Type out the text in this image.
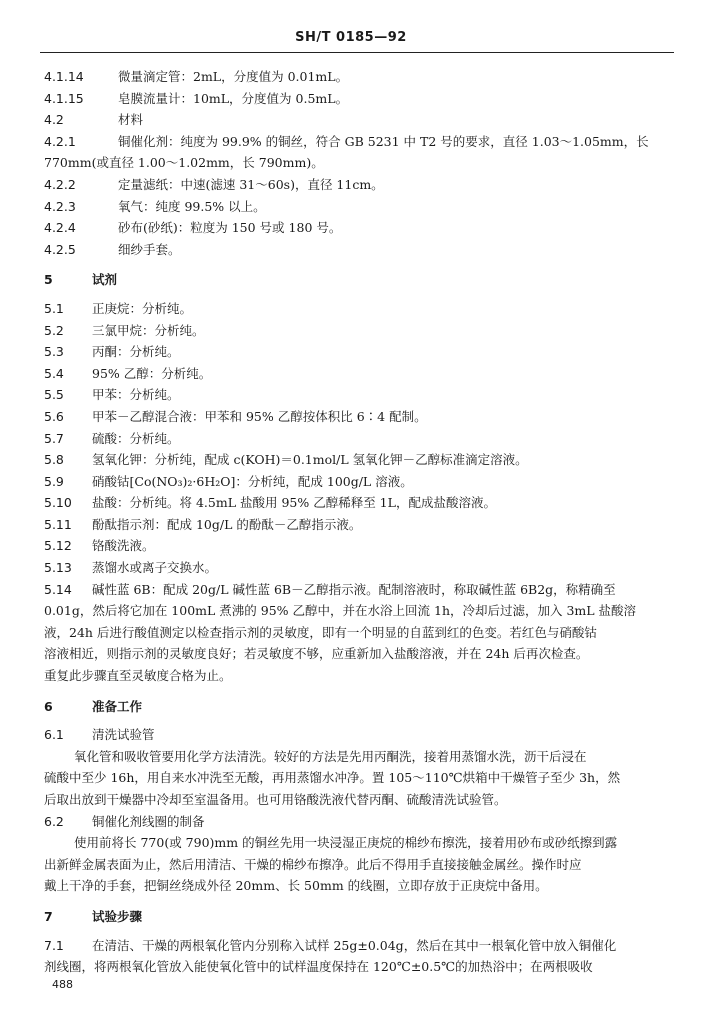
SH/T 0185—92
4.1.14	微量滴定管：2mL，分度值为 0.01mL。
4.1.15	皂膜流量计：10mL，分度值为 0.5mL。
4.2	材料
4.2.1	铜催化剂：纯度为 99.9% 的铜丝，符合 GB 5231 中 T2 号的要求，直径 1.03～1.05mm，长
770mm(或直径 1.00～1.02mm，长 790mm)。
4.2.2	定量滤纸：中速(滤速 31～60s)，直径 11cm。
4.2.3	氧气：纯度 99.5% 以上。
4.2.4	砂布(砂纸)：粒度为 150 号或 180 号。
4.2.5	细纱手套。
5	试剂
5.1	正庚烷：分析纯。
5.2	三氯甲烷：分析纯。
5.3	丙酮：分析纯。
5.4	95% 乙醇：分析纯。
5.5	甲苯：分析纯。
5.6	甲苯－乙醇混合液：甲苯和 95% 乙醇按体积比 6∶4 配制。
5.7	硫酸：分析纯。
5.8	氢氧化钾：分析纯，配成 c(KOH)＝0.1mol/L 氢氧化钾－乙醇标准滴定溶液。
5.9	硝酸钴[Co(NO₃)₂·6H₂O]：分析纯，配成 100g/L 溶液。
5.10	盐酸：分析纯。将 4.5mL 盐酸用 95% 乙醇稀释至 1L，配成盐酸溶液。
5.11	酚酞指示剂：配成 10g/L 的酚酞－乙醇指示液。
5.12	铬酸洗液。
5.13	蒸馏水或离子交换水。
5.14	碱性蓝 6B：配成 20g/L 碱性蓝 6B－乙醇指示液。配制溶液时，称取碱性蓝 6B2g，称精确至
0.01g，然后将它加在 100mL 煮沸的 95% 乙醇中，并在水浴上回流 1h，冷却后过滤，加入 3mL 盐酸溶
液，24h 后进行酸值测定以检查指示剂的灵敏度，即有一个明显的自蓝到红的色变。若红色与硝酸钴
溶液相近，则指示剂的灵敏度良好；若灵敏度不够，应重新加入盐酸溶液，并在 24h 后再次检查。
重复此步骤直至灵敏度合格为止。
6	准备工作
6.1	清洗试验管
氧化管和吸收管要用化学方法清洗。较好的方法是先用丙酮洗，接着用蒸馏水洗，沥干后浸在
硫酸中至少 16h，用自来水冲洗至无酸，再用蒸馏水冲净。置 105～110℃烘箱中干燥管子至少 3h，然
后取出放到干燥器中冷却至室温备用。也可用铬酸洗液代替丙酮、硫酸清洗试验管。
6.2	铜催化剂线圈的制备
使用前将长 770(或 790)mm 的铜丝先用一块浸湿正庚烷的棉纱布擦洗，接着用砂布或砂纸擦到露
出新鲜金属表面为止，然后用清洁、干燥的棉纱布擦净。此后不得用手直接接触金属丝。操作时应
戴上干净的手套，把铜丝绕成外径 20mm、长 50mm 的线圈，立即存放于正庚烷中备用。
7	试验步骤
7.1	在清洁、干燥的两根氧化管内分别称入试样 25g±0.04g，然后在其中一根氧化管中放入铜催化
剂线圈，将两根氧化管放入能使氧化管中的试样温度保持在 120℃±0.5℃的加热浴中；在两根吸收
488
